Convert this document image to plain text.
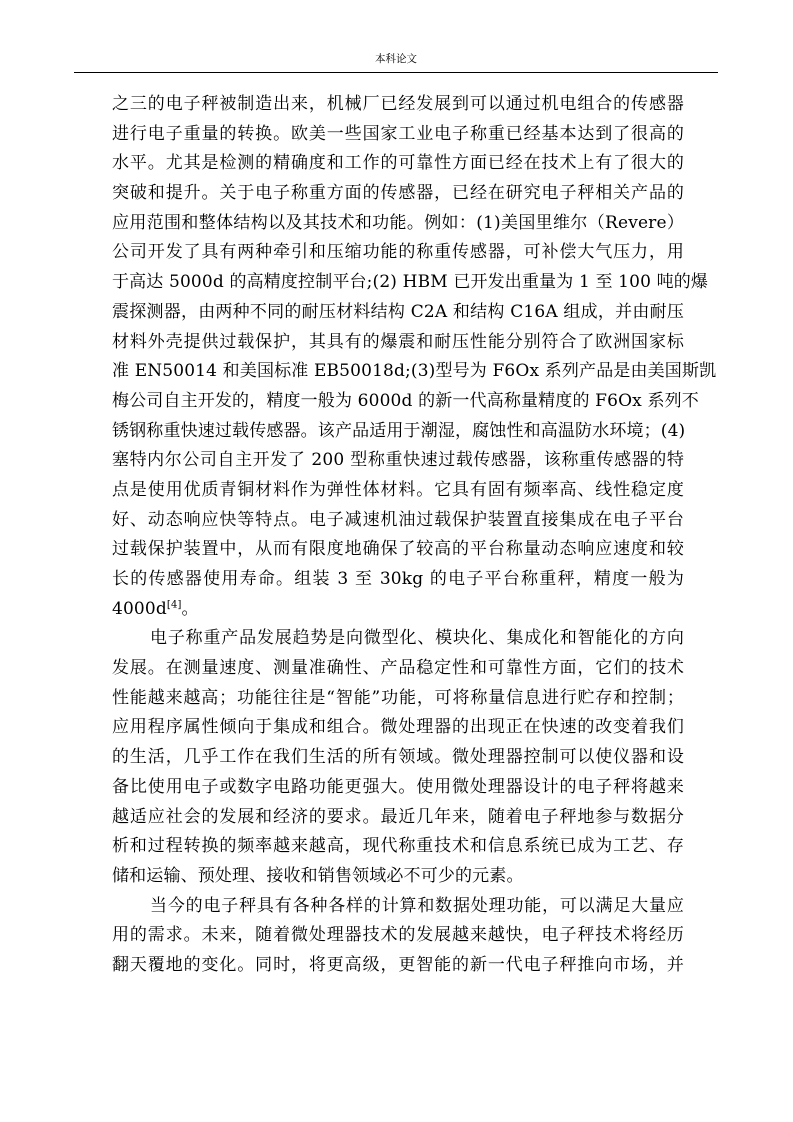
本科论文
之三的电子秤被制造出来，机械厂已经发展到可以通过机电组合的传感器
进行电子重量的转换。欧美一些国家工业电子称重已经基本达到了很高的
水平。尤其是检测的精确度和工作的可靠性方面已经在技术上有了很大的
突破和提升。关于电子称重方面的传感器，已经在研究电子秤相关产品的
应用范围和整体结构以及其技术和功能。例如：(1)美国里维尔（Revere）
公司开发了具有两种牵引和压缩功能的称重传感器，可补偿大气压力，用
于高达 5000d 的高精度控制平台;(2) HBM 已开发出重量为 1 至 100 吨的爆
震探测器，由两种不同的耐压材料结构 C2A 和结构 C16A 组成，并由耐压
材料外壳提供过载保护，其具有的爆震和耐压性能分别符合了欧洲国家标
准 EN50014 和美国标准 EB50018d;(3)型号为 F6Ox 系列产品是由美国斯凯
梅公司自主开发的，精度一般为 6000d 的新一代高称量精度的 F6Ox 系列不
锈钢称重快速过载传感器。该产品适用于潮湿，腐蚀性和高温防水环境；(4)
塞特内尔公司自主开发了 200 型称重快速过载传感器，该称重传感器的特
点是使用优质青铜材料作为弹性体材料。它具有固有频率高、线性稳定度
好、动态响应快等特点。电子减速机油过载保护装置直接集成在电子平台
过载保护装置中，从而有限度地确保了较高的平台称量动态响应速度和较
长的传感器使用寿命。组装 3 至 30kg 的电子平台称重秤，精度一般为
4000d[4]。
电子称重产品发展趋势是向微型化、模块化、集成化和智能化的方向
发展。在测量速度、测量准确性、产品稳定性和可靠性方面，它们的技术
性能越来越高；功能往往是“智能”功能，可将称量信息进行贮存和控制；
应用程序属性倾向于集成和组合。微处理器的出现正在快速的改变着我们
的生活，几乎工作在我们生活的所有领域。微处理器控制可以使仪器和设
备比使用电子或数字电路功能更强大。使用微处理器设计的电子秤将越来
越适应社会的发展和经济的要求。最近几年来，随着电子秤地参与数据分
析和过程转换的频率越来越高，现代称重技术和信息系统已成为工艺、存
储和运输、预处理、接收和销售领域必不可少的元素。
当今的电子秤具有各种各样的计算和数据处理功能，可以满足大量应
用的需求。未来，随着微处理器技术的发展越来越快，电子秤技术将经历
翻天覆地的变化。同时，将更高级，更智能的新一代电子秤推向市场，并
